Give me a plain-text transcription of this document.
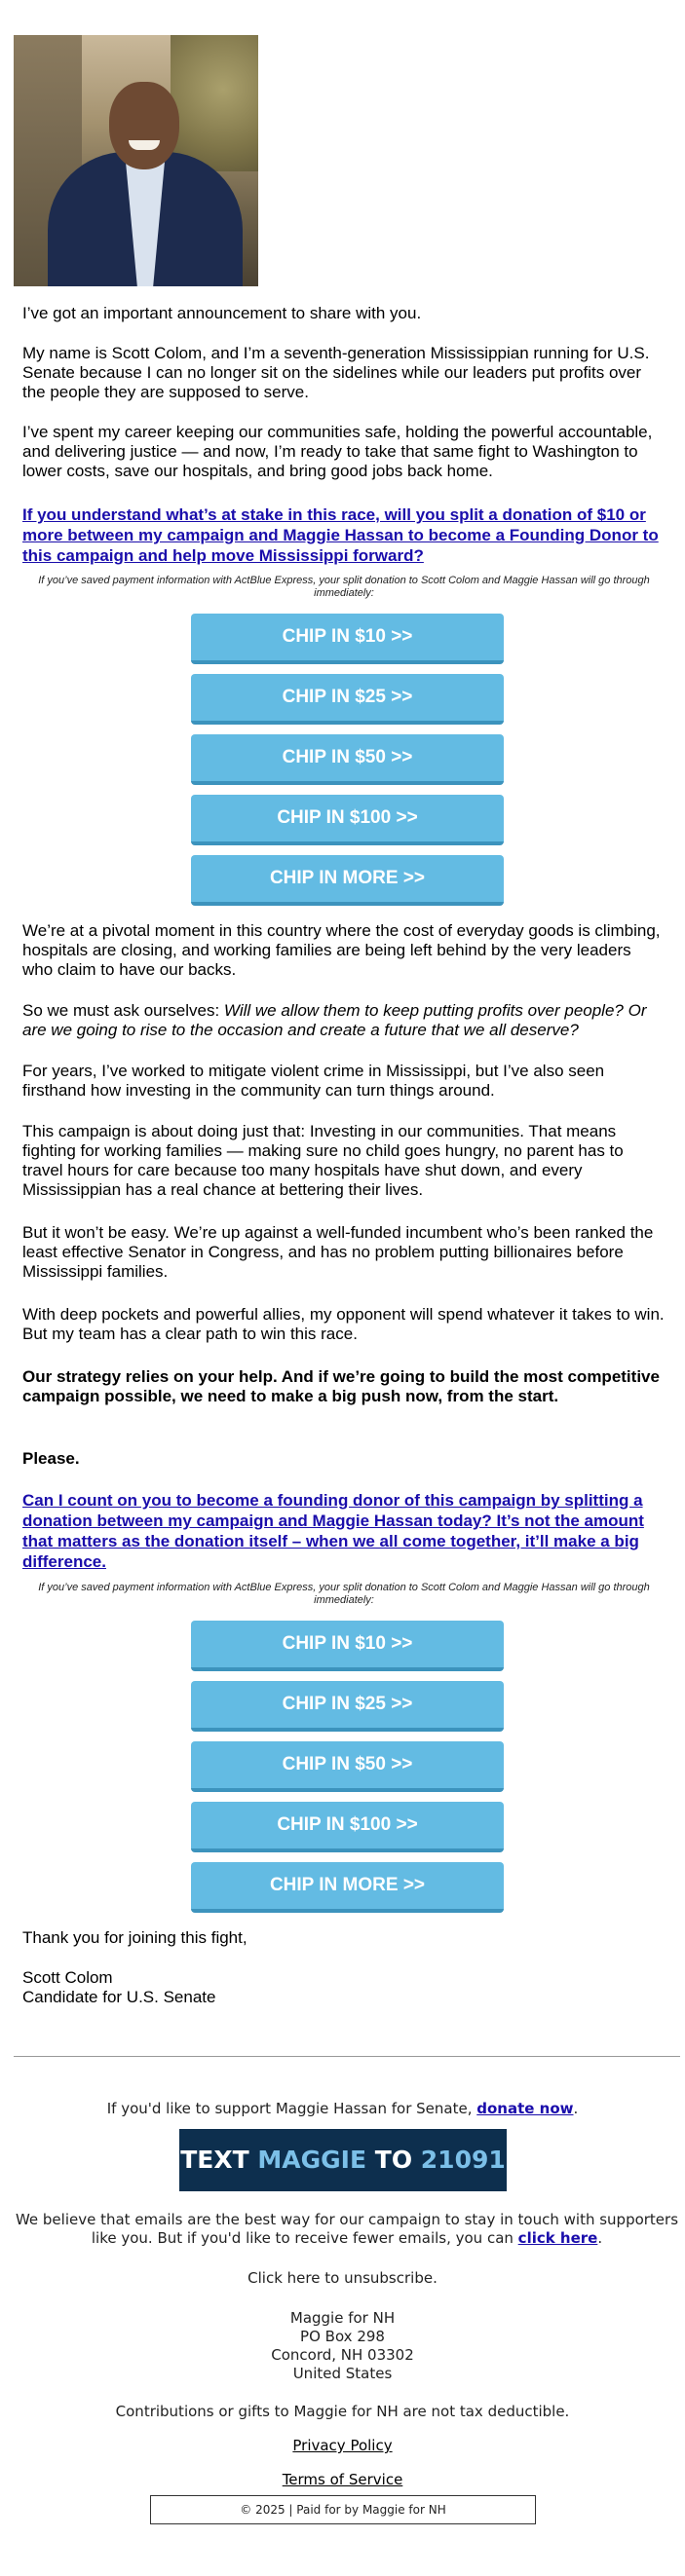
I’ve got an important announcement to share with you.

My name is Scott Colom, and I’m a seventh-generation Mississippian running for U.S. Senate because I can no longer sit on the sidelines while our leaders put profits over the people they are supposed to serve.

I’ve spent my career keeping our communities safe, holding the powerful accountable, and delivering justice — and now, I’m ready to take that same fight to Washington to lower costs, save our hospitals, and bring good jobs back home.

If you understand what’s at stake in this race, will you split a donation of $10 or more between my campaign and Maggie Hassan to become a Founding Donor to this campaign and help move Mississippi forward?

If you’ve saved payment information with ActBlue Express, your split donation to Scott Colom and Maggie Hassan will go through immediately:

CHIP IN $10 >>
CHIP IN $25 >>
CHIP IN $50 >>
CHIP IN $100 >>
CHIP IN MORE >>

We’re at a pivotal moment in this country where the cost of everyday goods is climbing, hospitals are closing, and working families are being left behind by the very leaders who claim to have our backs.

So we must ask ourselves: Will we allow them to keep putting profits over people? Or are we going to rise to the occasion and create a future that we all deserve?

For years, I’ve worked to mitigate violent crime in Mississippi, but I’ve also seen firsthand how investing in the community can turn things around.

This campaign is about doing just that: Investing in our communities. That means fighting for working families — making sure no child goes hungry, no parent has to travel hours for care because too many hospitals have shut down, and every Mississippian has a real chance at bettering their lives.

But it won’t be easy. We’re up against a well-funded incumbent who’s been ranked the least effective Senator in Congress, and has no problem putting billionaires before Mississippi families.

With deep pockets and powerful allies, my opponent will spend whatever it takes to win. But my team has a clear path to win this race.

Our strategy relies on your help. And if we’re going to build the most competitive campaign possible, we need to make a big push now, from the start.

Please.

Can I count on you to become a founding donor of this campaign by splitting a donation between my campaign and Maggie Hassan today? It’s not the amount that matters as the donation itself – when we all come together, it’ll make a big difference.

If you’ve saved payment information with ActBlue Express, your split donation to Scott Colom and Maggie Hassan will go through immediately:

CHIP IN $10 >>
CHIP IN $25 >>
CHIP IN $50 >>
CHIP IN $100 >>
CHIP IN MORE >>

Thank you for joining this fight,

Scott Colom

Candidate for U.S. Senate

If you'd like to support Maggie Hassan for Senate, donate now.

TEXT MAGGIE TO 21091

We believe that emails are the best way for our campaign to stay in touch with supporters like you. But if you'd like to receive fewer emails, you can click here.

Click here to unsubscribe.

Maggie for NH

PO Box 298

Concord, NH 03302

United States

Contributions or gifts to Maggie for NH are not tax deductible.

Privacy Policy

Terms of Service

© 2025 | Paid for by Maggie for NH
